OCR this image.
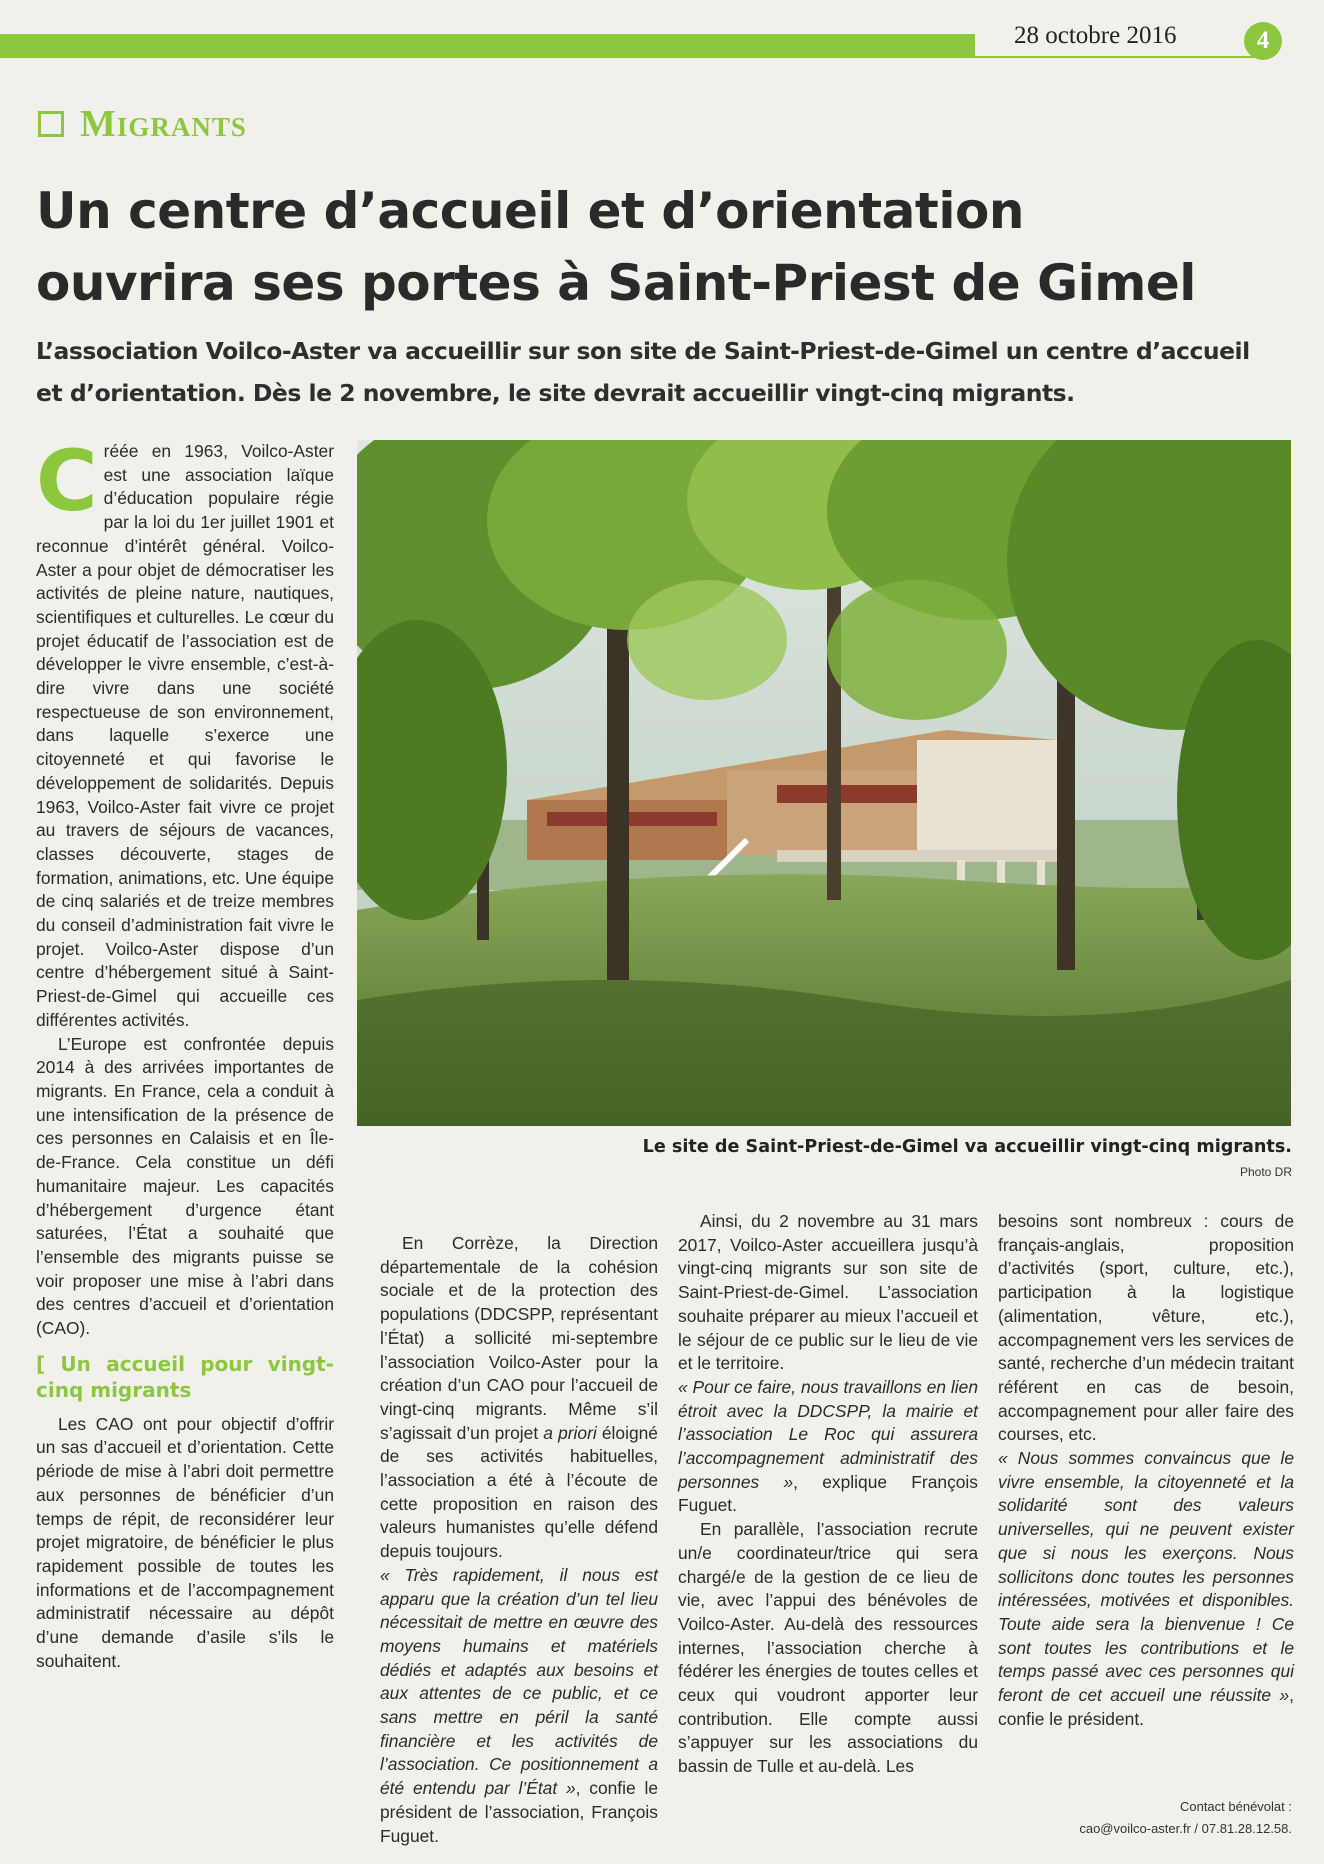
28 octobre 2016	4
Migrants
Un centre d’accueil et d’orientation
ouvrira ses portes à Saint-Priest de Gimel
L’association Voilco-Aster va accueillir sur son site de Saint-Priest-de-Gimel un centre d’accueil
et d’orientation. Dès le 2 novembre, le site devrait accueillir vingt-cinq migrants.

Créée en 1963, Voilco-Aster est une association laïque d’éducation populaire régie par la loi du 1er juillet 1901 et reconnue d’intérêt général. Voilco-Aster a pour objet de démocratiser les activités de pleine nature, nautiques, scientifiques et culturelles. Le cœur du projet éducatif de l’association est de développer le vivre ensemble, c’est-à-dire vivre dans une société respectueuse de son environnement, dans laquelle s’exerce une citoyenneté et qui favorise le développement de solidarités. Depuis 1963, Voilco-Aster fait vivre ce projet au travers de séjours de vacances, classes découverte, stages de formation, animations, etc. Une équipe de cinq salariés et de treize membres du conseil d’administration fait vivre le projet. Voilco-Aster dispose d’un centre d’hébergement situé à Saint-Priest-de-Gimel qui accueille ces différentes activités.

L’Europe est confrontée depuis 2014 à des arrivées importantes de migrants. En France, cela a conduit à une intensification de la présence de ces personnes en Calaisis et en Île-de-France. Cela constitue un défi humanitaire majeur. Les capacités d’hébergement d’urgence étant saturées, l’État a souhaité que l’ensemble des migrants puisse se voir proposer une mise à l’abri dans des centres d’accueil et d’orientation (CAO).

[ Un accueil pour vingt-cinq migrants

Les CAO ont pour objectif d’offrir un sas d’accueil et d’orientation. Cette période de mise à l’abri doit permettre aux personnes de bénéficier d’un temps de répit, de reconsidérer leur projet migratoire, de bénéficier le plus rapidement possible de toutes les informations et de l’accompagnement administratif nécessaire au dépôt d’une demande d’asile s’ils le souhaitent.

Le site de Saint-Priest-de-Gimel va accueillir vingt-cinq migrants.
Photo DR

En Corrèze, la Direction départementale de la cohésion sociale et de la protection des populations (DDCSPP, représentant l’État) a sollicité mi-septembre l’association Voilco-Aster pour la création d’un CAO pour l’accueil de vingt-cinq migrants. Même s’il s’agissait d’un projet a priori éloigné de ses activités habituelles, l’association a été à l’écoute de cette proposition en raison des valeurs humanistes qu’elle défend depuis toujours.

« Très rapidement, il nous est apparu que la création d’un tel lieu nécessitait de mettre en œuvre des moyens humains et matériels dédiés et adaptés aux besoins et aux attentes de ce public, et ce sans mettre en péril la santé financière et les activités de l’association. Ce positionnement a été entendu par l’État », confie le président de l’association, François Fuguet.

Ainsi, du 2 novembre au 31 mars 2017, Voilco-Aster accueillera jusqu’à vingt-cinq migrants sur son site de Saint-Priest-de-Gimel. L’association souhaite préparer au mieux l’accueil et le séjour de ce public sur le lieu de vie et le territoire.

« Pour ce faire, nous travaillons en lien étroit avec la DDCSPP, la mairie et l’association Le Roc qui assurera l’accompagnement administratif des personnes », explique François Fuguet.

En parallèle, l’association recrute un/e coordinateur/trice qui sera chargé/e de la gestion de ce lieu de vie, avec l’appui des bénévoles de Voilco-Aster. Au-delà des ressources internes, l’association cherche à fédérer les énergies de toutes celles et ceux qui voudront apporter leur contribution. Elle compte aussi s’appuyer sur les associations du bassin de Tulle et au-delà. Les

besoins sont nombreux : cours de français-anglais, proposition d’activités (sport, culture, etc.), participation à la logistique (alimentation, vêture, etc.), accompagnement vers les services de santé, recherche d’un médecin traitant référent en cas de besoin, accompagnement pour aller faire des courses, etc.

« Nous sommes convaincus que le vivre ensemble, la citoyenneté et la solidarité sont des valeurs universelles, qui ne peuvent exister que si nous les exerçons. Nous sollicitons donc toutes les personnes intéressées, motivées et disponibles. Toute aide sera la bienvenue ! Ce sont toutes les contributions et le temps passé avec ces personnes qui feront de cet accueil une réussite », confie le président.

Contact bénévolat :
cao@voilco-aster.fr / 07.81.28.12.58.
